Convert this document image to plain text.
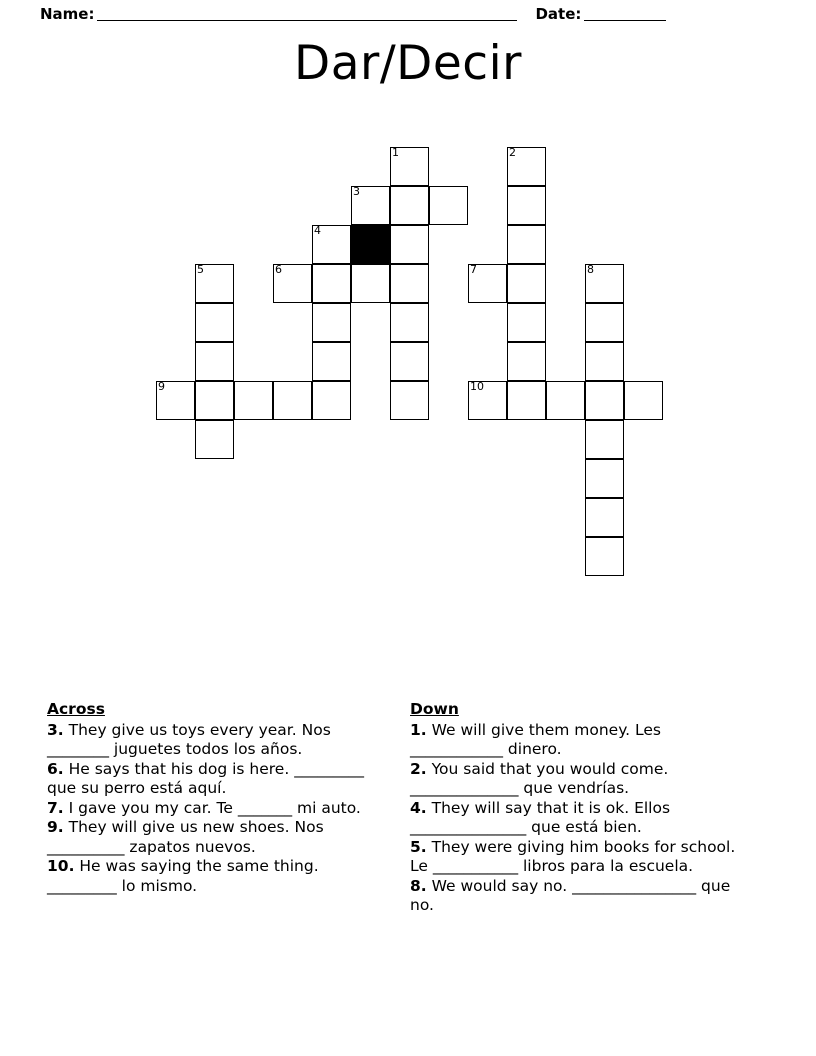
Name:	Date:
Dar/Decir
1	2
3
4
5	6	7	8
9	10
Across

3. They give us toys every year. Nos ________ juguetes todos los años.

6. He says that his dog is here. _________ que su perro está aquí.

7. I gave you my car. Te _______ mi auto.

9. They will give us new shoes. Nos __________ zapatos nuevos.

10. He was saying the same thing. _________ lo mismo.

Down

1. We will give them money. Les ____________ dinero.

2. You said that you would come. ______________ que vendrías.

4. They will say that it is ok. Ellos _______________ que está bien.

5. They were giving him books for school. Le ___________ libros para la escuela.

8. We would say no. ________________ que no.
